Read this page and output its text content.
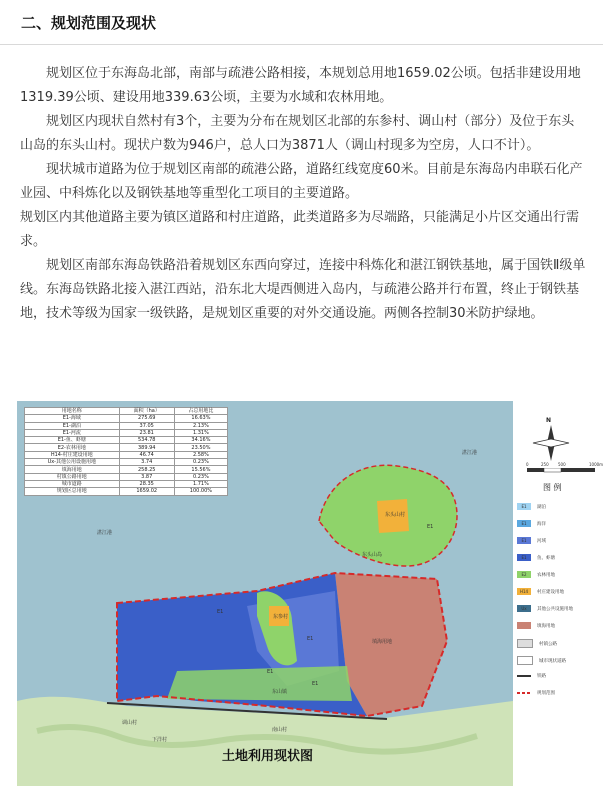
二、规划范围及现状

规划区位于东海岛北部，南部与疏港公路相接，本规划总用地1659.02公顷。包括非建设用地1319.39公顷、建设用地339.63公顷，主要为水域和农林用地。

规划区内现状自然村有3个，主要为分布在规划区北部的东参村、调山村（部分）及位于东头山岛的东头山村。现状户数为946户，总人口为3871人（调山村现多为空房，人口不计）。

现状城市道路为位于规划区南部的疏港公路，道路红线宽度60米。目前是东海岛内串联石化产业园、中科炼化以及钢铁基地等重型化工项目的主要道路。

规划区内其他道路主要为镇区道路和村庄道路，此类道路多为尽端路，只能满足小片区交通出行需求。

规划区南部东海岛铁路沿着规划区东西向穿过，连接中科炼化和湛江钢铁基地，属于国铁Ⅱ级单线。东海岛铁路北接入湛江西站，沿东北大堤西侧进入岛内，与疏港公路并行布置，终止于钢铁基地，技术等级为国家一级铁路，是规划区重要的对外交通设施。两侧各控制30米防护绿地。

用地名称	面积（ha）	占总用地比
E1-海域	275.69	16.63%
E1-湖泊	37.05	2.13%
E1-河流	23.81	1.31%
E1-鱼、虾塘	534.78	34.16%
E2-农林用地	389.94	23.50%
H14-村庄建设用地	46.74	2.58%
Ux-其他公用设施用地	3.74	0.23%
填海用地	258.25	15.56%
村镇公路用地	3.87	0.23%
城市道路	28.35	1.71%
规划区总用地	1659.02	100.00%
湛江港
湛江港
东头山村
东头山岛
E1
E1
E1
E1
E1
东参村
填海用地
东山镇
调山村
下洋村
南山村
土地利用现状图
N
0	250 500	1000m
图 例
E1	湖泊
E1	海洋
E1	河域
E1	鱼、虾塘
E2	农林用地
H14	村庄建设用地
Ux	其他公共设施用地
填海用地
村镇公路
城市现状道路
铁路
规划范围
